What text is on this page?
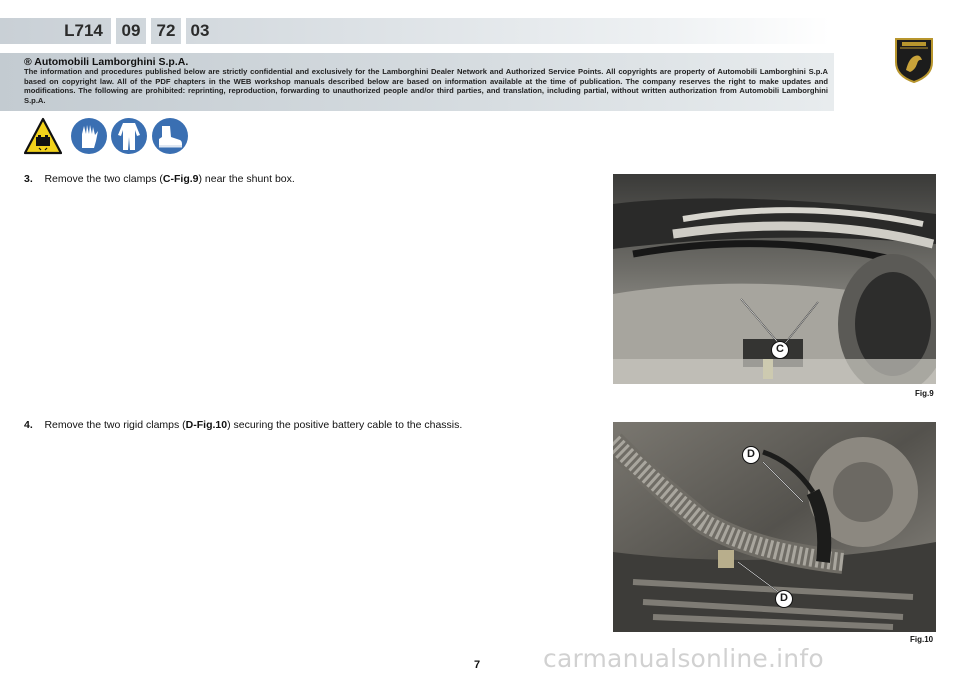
L714	09 72 03
® Automobili Lamborghini S.p.A.
The information and procedures published below are strictly confidential and exclusively for the Lamborghini Dealer Network and Authorized Service Points. All copyrights are property of Automobili Lamborghini S.p.A based on copyright law. All of the PDF chapters in the WEB workshop manuals described below are based on information available at the time of publication. The company reserves the right to make updates and modifications. The following are prohibited: reprinting, reproduction, forwarding to unauthorized people and/or third parties, and translation, including partial, without written authorization from Automobili Lamborghini S.p.A.
3. Remove the two clamps (C-Fig.9) near the shunt box.
C
Fig.9
4. Remove the two rigid clamps (D-Fig.10) securing the positive battery cable to the chassis.
D
D
Fig.10
7	carmanualsonline.info
